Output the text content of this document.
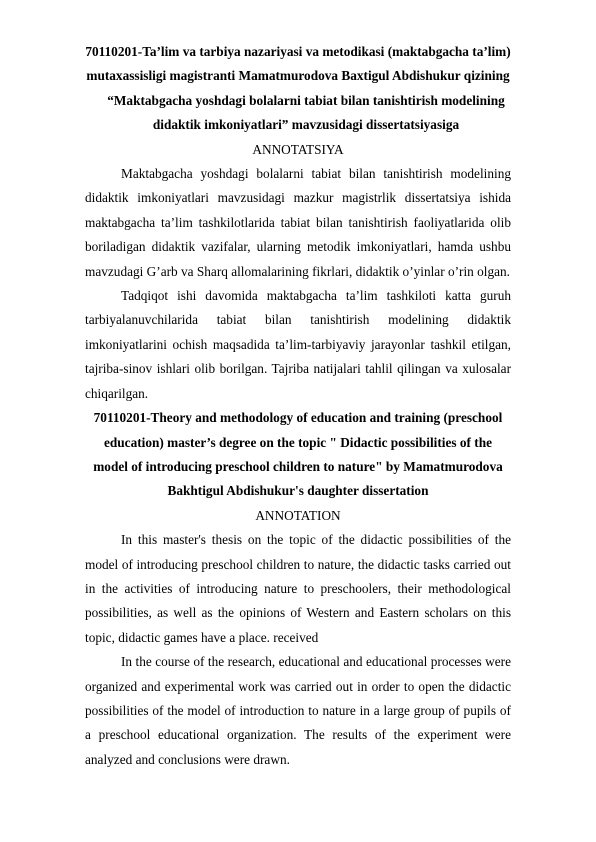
70110201-Ta’lim va tarbiya nazariyasi va metodikasi (maktabgacha ta’lim) mutaxassisligi magistranti Mamatmurodova Baxtigul Abdishukur qizining

“Maktabgacha yoshdagi bolalarni tabiat bilan tanishtirish modelining didaktik imkoniyatlari” mavzusidagi dissertatsiyasiga

ANNOTATSIYA

Maktabgacha yoshdagi bolalarni tabiat bilan tanishtirish modelining didaktik imkoniyatlari mavzusidagi mazkur magistrlik dissertatsiya ishida maktabgacha ta’lim tashkilotlarida tabiat bilan tanishtirish faoliyatlarida olib boriladigan didaktik vazifalar, ularning metodik imkoniyatlari, hamda ushbu mavzudagi G’arb va Sharq allomalarining fikrlari, didaktik o’yinlar o’rin olgan.

Tadqiqot ishi davomida maktabgacha ta’lim tashkiloti katta guruh tarbiyalanuvchilarida tabiat bilan tanishtirish modelining didaktik imkoniyatlarini ochish maqsadida ta’lim-tarbiyaviy jarayonlar tashkil etilgan, tajriba-sinov ishlari olib borilgan. Tajriba natijalari tahlil qilingan va xulosalar chiqarilgan.

70110201-Theory and methodology of education and training (preschool education) master’s degree on the topic " Didactic possibilities of the model of introducing preschool children to nature" by Mamatmurodova Bakhtigul Abdishukur's daughter dissertation

ANNOTATION

In this master's thesis on the topic of the didactic possibilities of the model of introducing preschool children to nature, the didactic tasks carried out in the activities of introducing nature to preschoolers, their methodological possibilities, as well as the opinions of Western and Eastern scholars on this topic, didactic games have a place. received

In the course of the research, educational and educational processes were organized and experimental work was carried out in order to open the didactic possibilities of the model of introduction to nature in a large group of pupils of a preschool educational organization. The results of the experiment were analyzed and conclusions were drawn.
